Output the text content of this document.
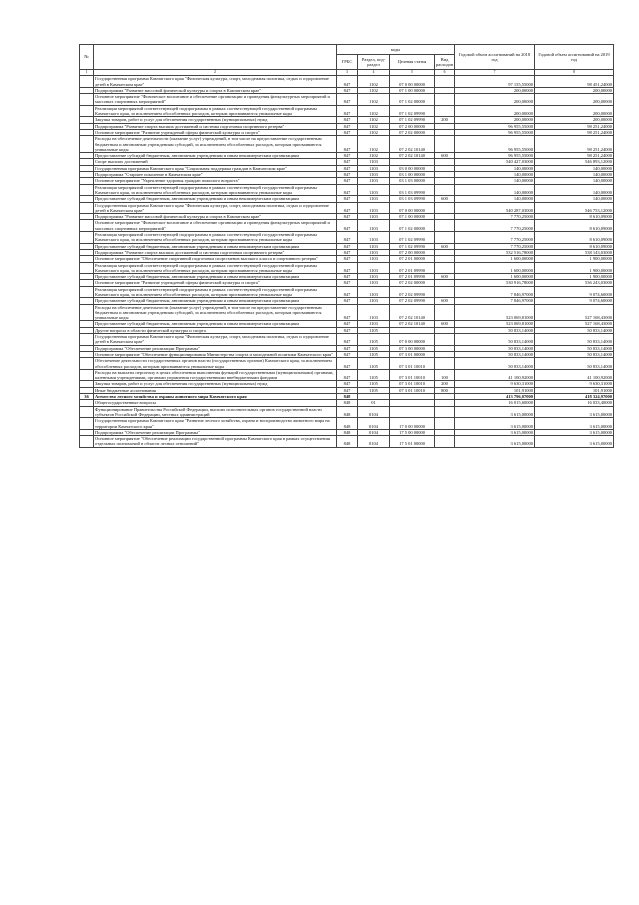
№		коды				Годовой объем ассигнований на 2018 год	Годовой объем ассигнований на 2019 год
		ГРБС	Раздел, под-раздел	Целевая статья	Вид расходов		
1	2	3	4	5	6	7	8
	Государственная программа Камчатского края "Физическая культура, спорт, молодежная политика, отдых и оздоровление детей в Камчатском крае"	847	1102	07 0 00 00000		97 155,55000	98 451,24000
	Подпрограмма "Развитие массовой физической культуры и спорта в Камчатском крае"	847	1102	07 1 00 00000		200,00000	200,00000
	Основное мероприятие "Физическое воспитание и обеспечение организации и проведения физкультурных мероприятий и массовых спортивных мероприятий"	847	1102	07 1 02 00000		200,00000	200,00000
	Реализация мероприятий соответствующей подпрограммы в рамках соответствующей государственной программы Камчатского края, за исключением обособленных расходов, которым присваиваются уникальные коды	847	1102	07 1 02 09990		200,00000	200,00000
	Закупка товаров, работ и услуг для обеспечения государственных (муниципальных) нужд	847	1102	07 1 02 09990	200	200,00000	200,00000
	Подпрограмма "Развитие спорта высших достижений и системы подготовки спортивного резерва"	847	1102	07 2 00 00000		96 955,55000	98 251,24000
	Основное мероприятие "Развитие учреждений сферы физической культуры и спорта"	847	1102	07 2 02 00000		96 955,55000	98 251,24000
	Расходы на обеспечение деятельности (оказание услуг) учреждений, в том числе на предоставление государственным бюджетным и автономным учреждениям субсидий, за исключением обособленных расходов, которым присваиваются уникальные коды	847	1102	07 2 02 10140		96 955,55000	98 251,24000
	Предоставление субсидий бюджетным, автономным учреждениям и иным некоммерческим организациям	847	1102	07 2 02 10140	600	96 955,55000	98 251,24000
	Спорт высших достижений	847	1103			540 427,03000	546 893,12000
	Государственная программа Камчатского края "Социальная поддержка граждан в Камчатском крае"	847	1103	03 0 00 00000		140,00000	140,00000
	Подпрограмма "Старшее поколение в Камчатском крае"	847	1103	03 1 00 00000		140,00000	140,00000
	Основное мероприятие "Укрепление здоровья граждан пожилого возраста"	847	1103	03 1 03 00000		140,00000	140,00000
	Реализация мероприятий соответствующей подпрограммы в рамках соответствующей государственной программы Камчатского края, за исключением обособленных расходов, которым присваиваются уникальные коды	847	1103	03 1 03 09990		140,00000	140,00000
	Предоставление субсидий бюджетным, автономным учреждениям и иным некоммерческим организациям	847	1103	03 1 03 09990	600	140,00000	140,00000
	Государственная программа Камчатского края "Физическая культура, спорт, молодежная политика, отдых и оздоровление детей в Камчатском крае"	847	1103	07 0 00 00000		540 287,03000	546 753,12000
	Подпрограмма "Развитие массовой физической культуры и спорта в Камчатском крае"	847	1103	07 1 00 00000		7 770,25000	8 610,09000
	Основное мероприятие "Физическое воспитание и обеспечение организации и проведения физкультурных мероприятий и массовых спортивных мероприятий"	847	1103	07 1 02 00000		7 770,25000	8 610,09000
	Реализация мероприятий соответствующей подпрограммы в рамках соответствующей государственной программы Камчатского края, за исключением обособленных расходов, которым присваиваются уникальные коды	847	1103	07 1 02 09990		7 770,25000	8 610,09000
	Предоставление субсидий бюджетным, автономным учреждениям и иным некоммерческим организациям	847	1103	07 1 02 09990	600	7 770,25000	8 610,09000
	Подпрограмма "Развитие спорта высших достижений и системы подготовки спортивного резерва"	847	1103	07 2 00 00000		532 516,78000	538 143,03000
	Основное мероприятие "Обеспечение спортивной подготовки спортсменов высокого класса и спортивного резерва"	847	1103	07 2 01 00000		1 600,00000	1 900,00000
	Реализация мероприятий соответствующей подпрограммы в рамках соответствующей государственной программы Камчатского края, за исключением обособленных расходов, которым присваиваются уникальные коды	847	1103	07 2 01 09990		1 600,00000	1 900,00000
	Предоставление субсидий бюджетным, автономным учреждениям и иным некоммерческим организациям	847	1103	07 2 01 09990	600	1 600,00000	1 900,00000
	Основное мероприятие "Развитие учреждений сферы физической культуры и спорта"	847	1103	07 2 02 00000		530 916,78000	536 243,03000
	Реализация мероприятий соответствующей подпрограммы в рамках соответствующей государственной программы Камчатского края, за исключением обособленных расходов, которым присваиваются уникальные коды	847	1103	07 2 02 09990		7 846,97000	9 074,60000
	Предоставление субсидий бюджетным, автономным учреждениям и иным некоммерческим организациям	847	1103	07 2 02 09990	600	7 846,97000	9 074,60000
	Расходы на обеспечение деятельности (оказание услуг) учреждений, в том числе на предоставление государственным бюджетным и автономным учреждениям субсидий, за исключением обособленных расходов, которым присваиваются уникальные коды	847	1103	07 2 02 10140		523 069,81000	527 168,43000
	Предоставление субсидий бюджетным, автономным учреждениям и иным некоммерческим организациям	847	1103	07 2 02 10140	600	523 069,81000	527 168,43000
	Другие вопросы в области физической культуры и спорта	847	1105			50 833,14000	50 833,14000
	Государственная программа Камчатского края "Физическая культура, спорт, молодежная политика, отдых и оздоровление детей в Камчатском крае"	847	1105	07 0 00 00000		50 833,14000	50 833,14000
	Подпрограмма "Обеспечение реализации Программы"	847	1105	07 3 00 00000		50 833,14000	50 833,14000
	Основное мероприятие "Обеспечение функционирования Министерства спорта и молодежной политики Камчатского края"	847	1105	07 3 01 00000		50 833,14000	50 833,14000
	Обеспечение деятельности государственных органов власти (государственных органов) Камчатского края, за исключением обособленных расходов, которым присваиваются уникальные коды	847	1105	07 3 01 10010		50 833,14000	50 833,14000
	Расходы на выплаты персоналу в целях обеспечения выполнения функций государственными (муниципальными) органами, казенными учреждениями, органами управления государственными внебюджетными фондами	847	1105	07 3 01 10010	100	41 100,92000	41 100,92000
	Закупка товаров, работ и услуг для обеспечения государственных (муниципальных) нужд	847	1105	07 3 01 10010	200	9 630,31000	9 630,31000
	Иные бюджетные ассигнования	847	1105	07 3 01 10010	800	101,91000	101,91000
36	Агентство лесного хозяйства и охраны животного мира Камчатского края	848				413 796,07000	418 324,97000
	Общегосударственные вопросы	848	01			16 015,60000	16 033,40000
	Функционирование Правительства Российской Федерации, высших исполнительных органов государственной власти субъектов Российской Федерации, местных администраций	848	0104			3 615,00000	3 615,00000
	Государственная программа Камчатского края "Развитие лесного хозяйства, охрана и воспроизводство животного мира на территории Камчатского края"	848	0104	17 0 00 00000		3 615,00000	3 615,00000
	Подпрограмма "Обеспечение реализации Программы"	848	0104	17 5 00 00000		3 615,00000	3 615,00000
	Основное мероприятие "Обеспечение реализации государственной программы Камчатского края в рамках осуществления отдельных полномочий в области лесных отношений"	848	0104	17 5 01 00000		3 615,00000	3 615,00000
